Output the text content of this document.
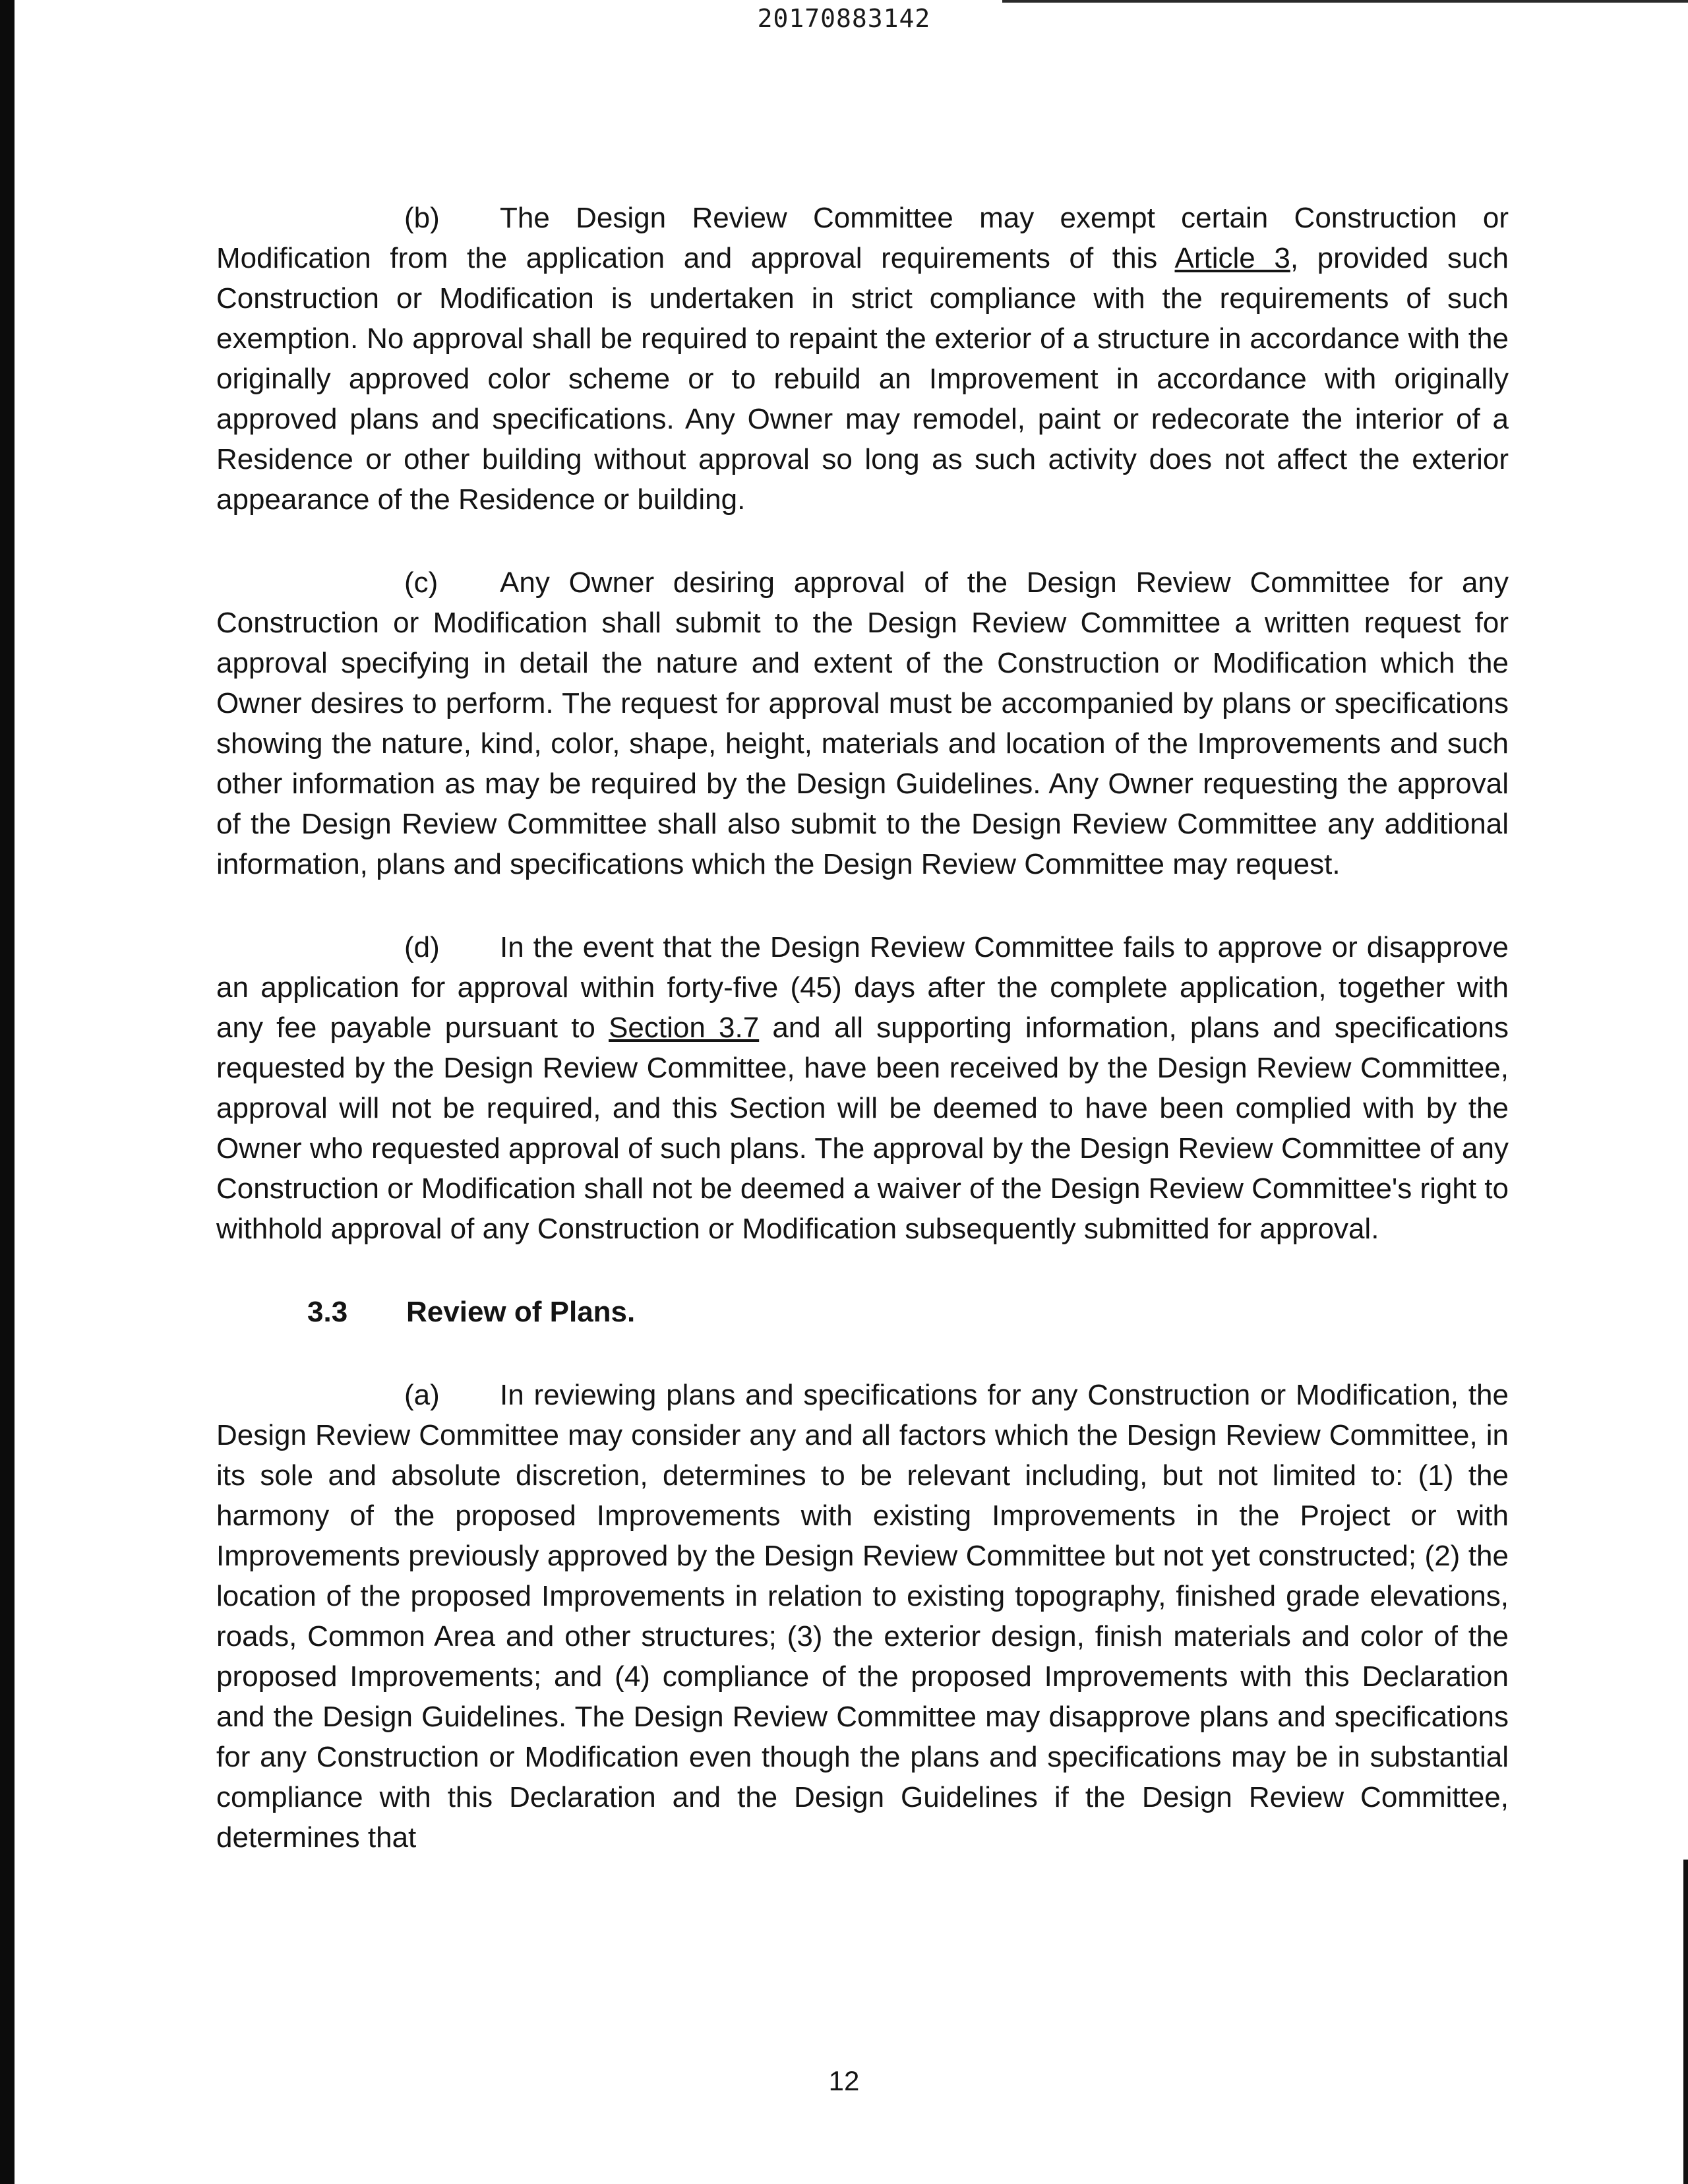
20170883142

(b) The Design Review Committee may exempt certain Construction or Modification from the application and approval requirements of this Article 3, provided such Construction or Modification is undertaken in strict compliance with the requirements of such exemption. No approval shall be required to repaint the exterior of a structure in accordance with the originally approved color scheme or to rebuild an Improvement in accordance with originally approved plans and specifications. Any Owner may remodel, paint or redecorate the interior of a Residence or other building without approval so long as such activity does not affect the exterior appearance of the Residence or building.

(c) Any Owner desiring approval of the Design Review Committee for any Construction or Modification shall submit to the Design Review Committee a written request for approval specifying in detail the nature and extent of the Construction or Modification which the Owner desires to perform. The request for approval must be accompanied by plans or specifications showing the nature, kind, color, shape, height, materials and location of the Improvements and such other information as may be required by the Design Guidelines. Any Owner requesting the approval of the Design Review Committee shall also submit to the Design Review Committee any additional information, plans and specifications which the Design Review Committee may request.

(d) In the event that the Design Review Committee fails to approve or disapprove an application for approval within forty-five (45) days after the complete application, together with any fee payable pursuant to Section 3.7 and all supporting information, plans and specifications requested by the Design Review Committee, have been received by the Design Review Committee, approval will not be required, and this Section will be deemed to have been complied with by the Owner who requested approval of such plans. The approval by the Design Review Committee of any Construction or Modification shall not be deemed a waiver of the Design Review Committee's right to withhold approval of any Construction or Modification subsequently submitted for approval.

3.3 Review of Plans.

(a) In reviewing plans and specifications for any Construction or Modification, the Design Review Committee may consider any and all factors which the Design Review Committee, in its sole and absolute discretion, determines to be relevant including, but not limited to: (1) the harmony of the proposed Improvements with existing Improvements in the Project or with Improvements previously approved by the Design Review Committee but not yet constructed; (2) the location of the proposed Improvements in relation to existing topography, finished grade elevations, roads, Common Area and other structures; (3) the exterior design, finish materials and color of the proposed Improvements; and (4) compliance of the proposed Improvements with this Declaration and the Design Guidelines. The Design Review Committee may disapprove plans and specifications for any Construction or Modification even though the plans and specifications may be in substantial compliance with this Declaration and the Design Guidelines if the Design Review Committee, determines that

12
